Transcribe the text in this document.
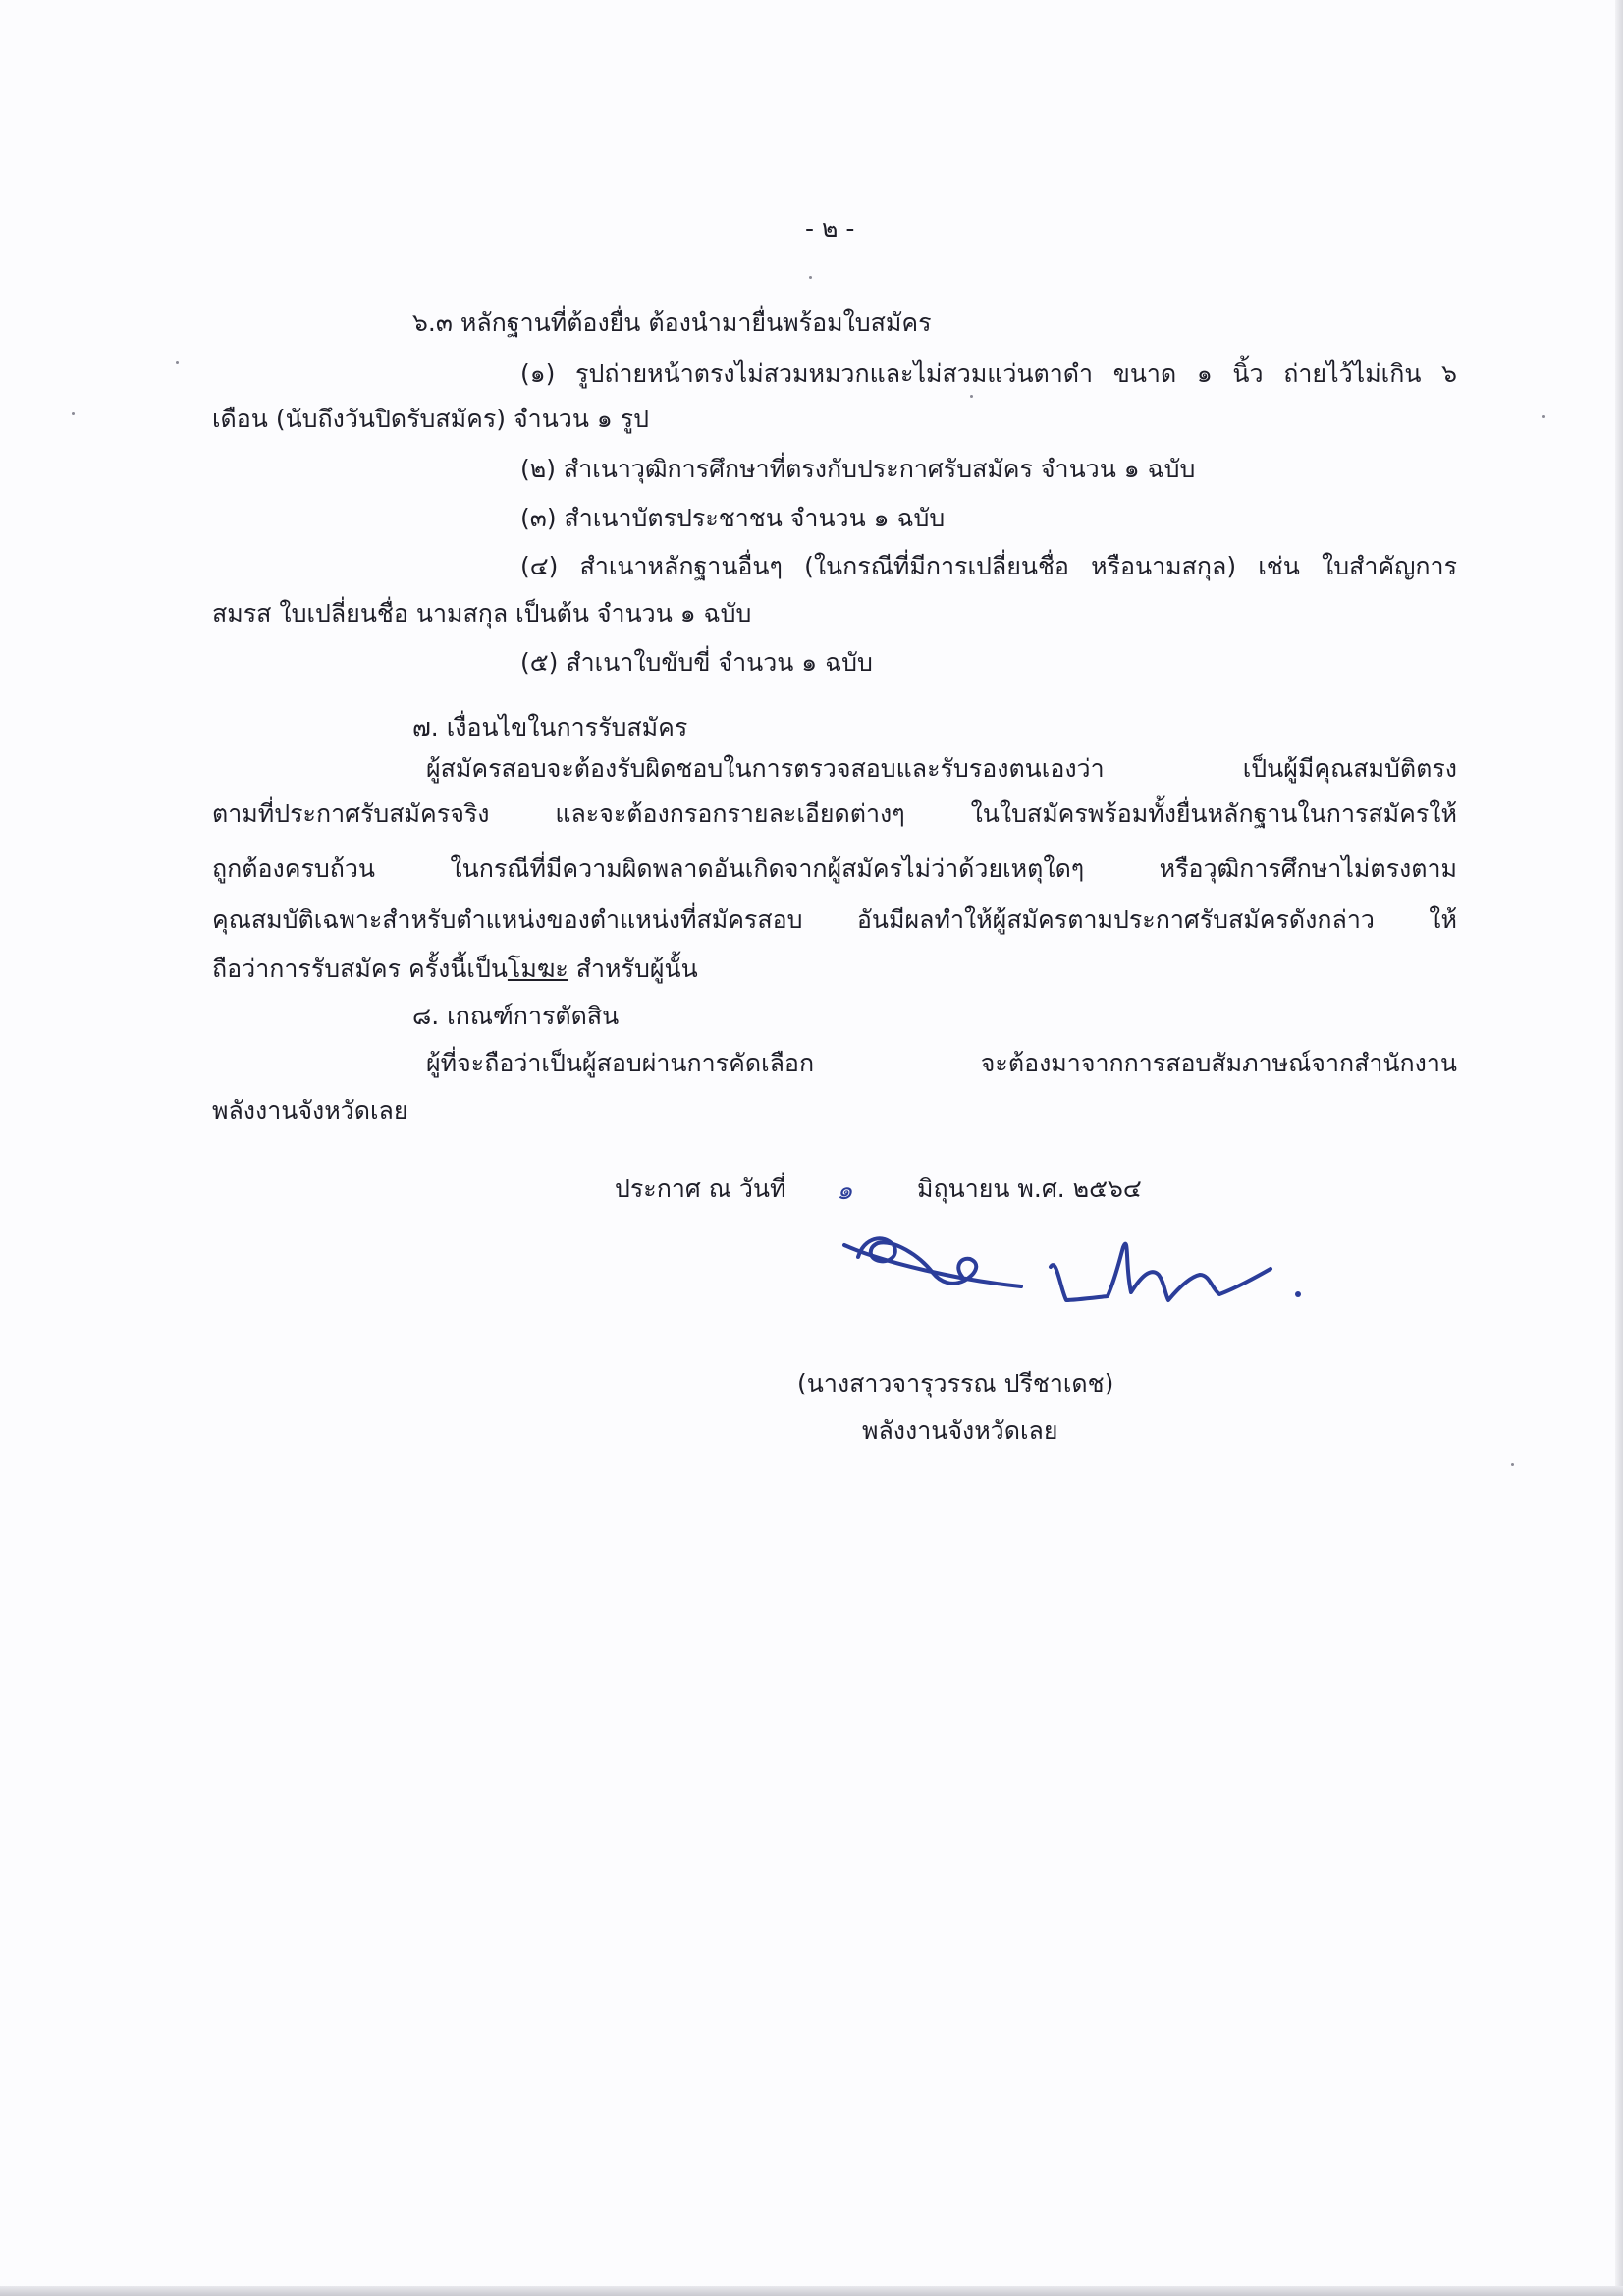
- ๒ -
๖.๓ หลักฐานที่ต้องยื่น ต้องนำมายื่นพร้อมใบสมัคร
(๑) รูปถ่ายหน้าตรงไม่สวมหมวกและไม่สวมแว่นตาดำ ขนาด ๑ นิ้ว ถ่ายไว้ไม่เกิน ๖
เดือน (นับถึงวันปิดรับสมัคร) จำนวน ๑ รูป
(๒) สำเนาวุฒิการศึกษาที่ตรงกับประกาศรับสมัคร จำนวน ๑ ฉบับ
(๓) สำเนาบัตรประชาชน จำนวน ๑ ฉบับ
(๔) สำเนาหลักฐานอื่นๆ (ในกรณีที่มีการเปลี่ยนชื่อ หรือนามสกุล) เช่น ใบสำคัญการ
สมรส ใบเปลี่ยนชื่อ นามสกุล เป็นต้น จำนวน ๑ ฉบับ
(๕) สำเนาใบขับขี่ จำนวน ๑ ฉบับ
๗. เงื่อนไขในการรับสมัคร
ผู้สมัครสอบจะต้องรับผิดชอบในการตรวจสอบและรับรองตนเองว่า เป็นผู้มีคุณสมบัติตรง
ตามที่ประกาศรับสมัครจริง และจะต้องกรอกรายละเอียดต่างๆ ในใบสมัครพร้อมทั้งยื่นหลักฐานในการสมัครให้
ถูกต้องครบถ้วน ในกรณีที่มีความผิดพลาดอันเกิดจากผู้สมัครไม่ว่าด้วยเหตุใดๆ หรือวุฒิการศึกษาไม่ตรงตาม
คุณสมบัติเฉพาะสำหรับตำแหน่งของตำแหน่งที่สมัครสอบ อันมีผลทำให้ผู้สมัครตามประกาศรับสมัครดังกล่าว ให้
ถือว่าการรับสมัคร ครั้งนี้เป็นโมฆะ สำหรับผู้นั้น
๘. เกณฑ์การตัดสิน
ผู้ที่จะถือว่าเป็นผู้สอบผ่านการคัดเลือก จะต้องมาจากการสอบสัมภาษณ์จากสำนักงาน
พลังงานจังหวัดเลย
ประกาศ ณ วันที่ ๑	มิถุนายน พ.ศ. ๒๕๖๔
(นางสาวจารุวรรณ ปรีชาเดช)
พลังงานจังหวัดเลย
